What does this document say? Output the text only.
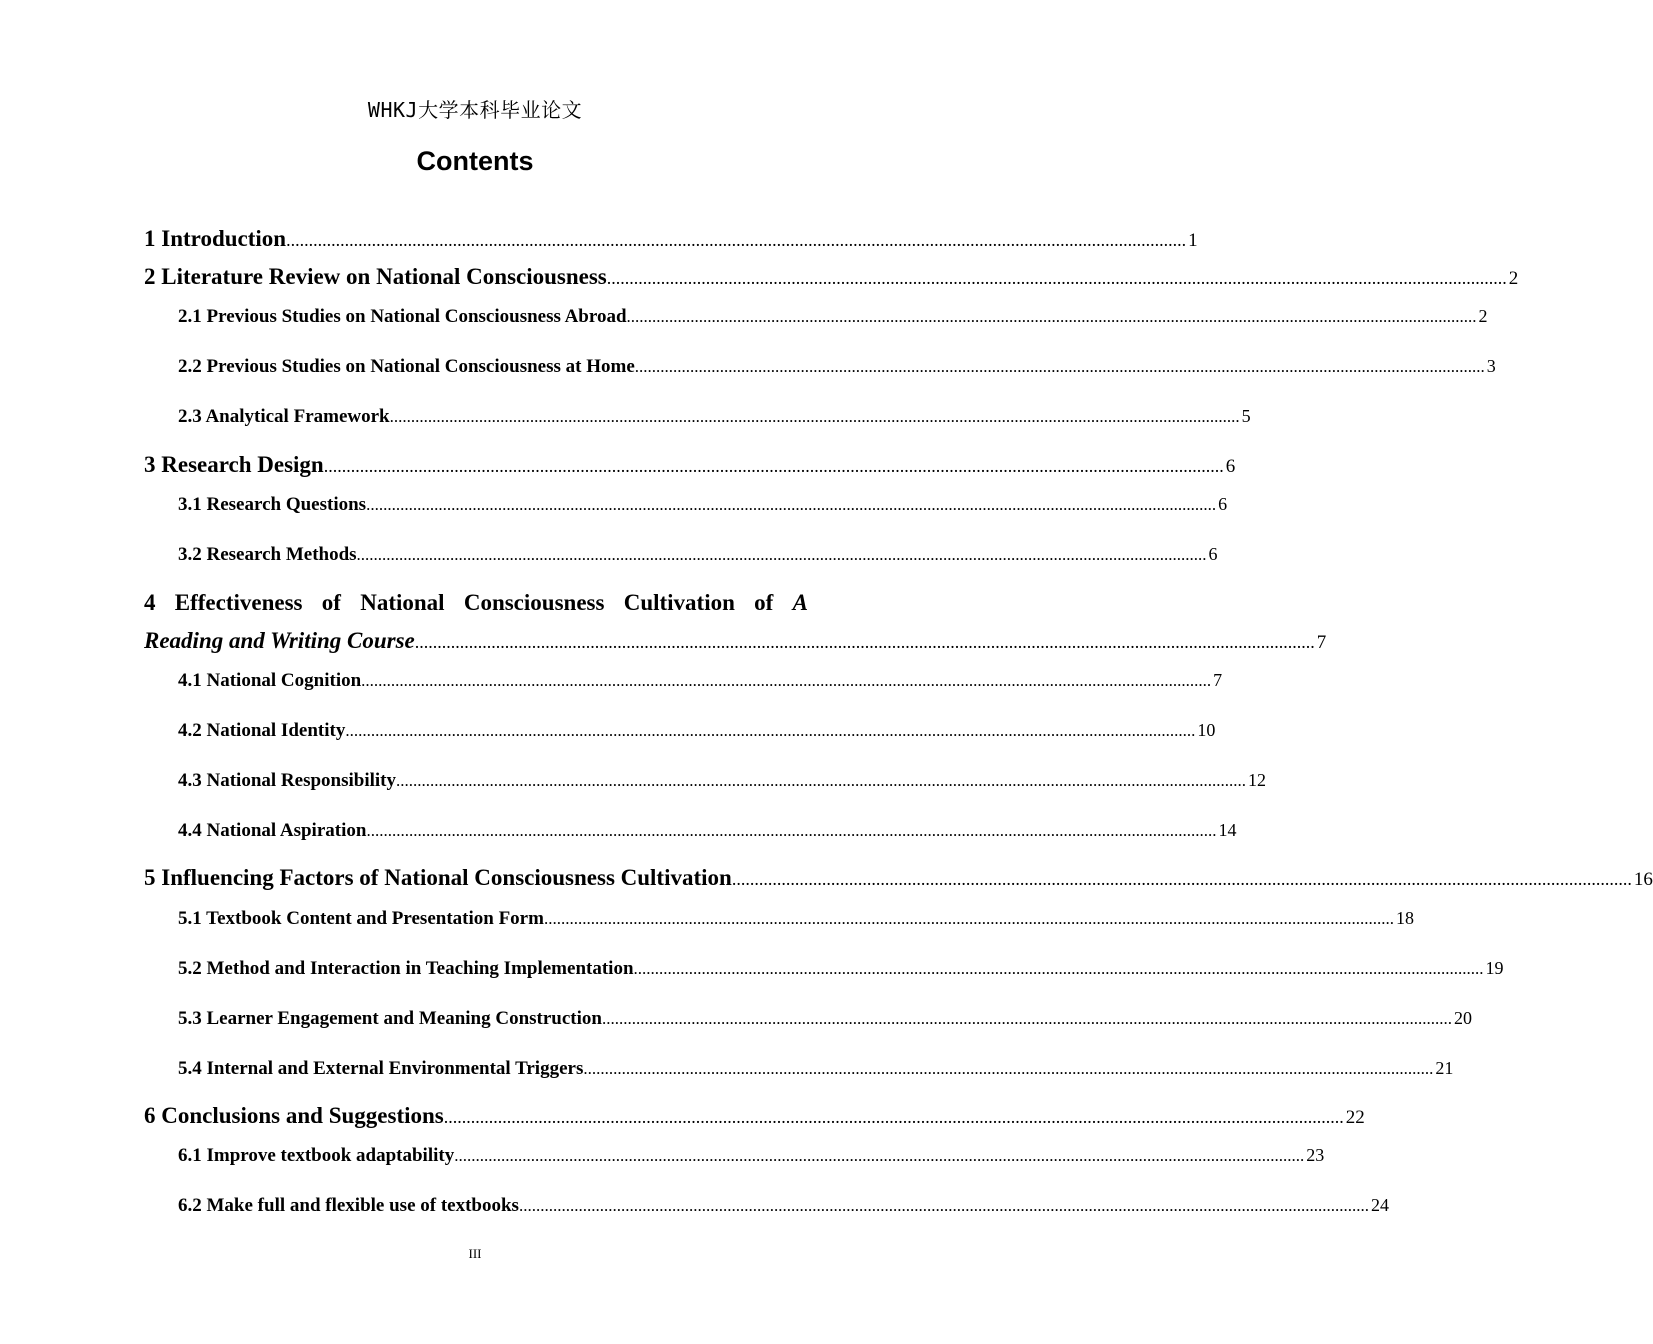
WHKJ大学本科毕业论文
Contents
1 Introduction ........................................................................................................................................................................................................ 1
2 Literature Review on National Consciousness ........................................................................................................................................................................................................ 2
2.1 Previous Studies on National Consciousness Abroad ........................................................................................................................................................................................................ 2
2.2 Previous Studies on National Consciousness at Home ........................................................................................................................................................................................................ 3
2.3 Analytical Framework ........................................................................................................................................................................................................ 5
3 Research Design ........................................................................................................................................................................................................ 6
3.1 Research Questions ........................................................................................................................................................................................................ 6
3.2 Research Methods ........................................................................................................................................................................................................ 6
4 Effectiveness of National Consciousness Cultivation of A
Reading and Writing Course ........................................................................................................................................................................................................ 7
4.1 National Cognition ........................................................................................................................................................................................................ 7
4.2 National Identity ........................................................................................................................................................................................................ 10
4.3 National Responsibility ........................................................................................................................................................................................................ 12
4.4 National Aspiration ........................................................................................................................................................................................................ 14
5 Influencing Factors of National Consciousness Cultivation ........................................................................................................................................................................................................ 16
5.1 Textbook Content and Presentation Form ........................................................................................................................................................................................................ 18
5.2 Method and Interaction in Teaching Implementation ........................................................................................................................................................................................................ 19
5.3 Learner Engagement and Meaning Construction ........................................................................................................................................................................................................ 20
5.4 Internal and External Environmental Triggers ........................................................................................................................................................................................................ 21
6 Conclusions and Suggestions ........................................................................................................................................................................................................ 22
6.1 Improve textbook adaptability ........................................................................................................................................................................................................ 23
6.2 Make full and flexible use of textbooks ........................................................................................................................................................................................................ 24
III
